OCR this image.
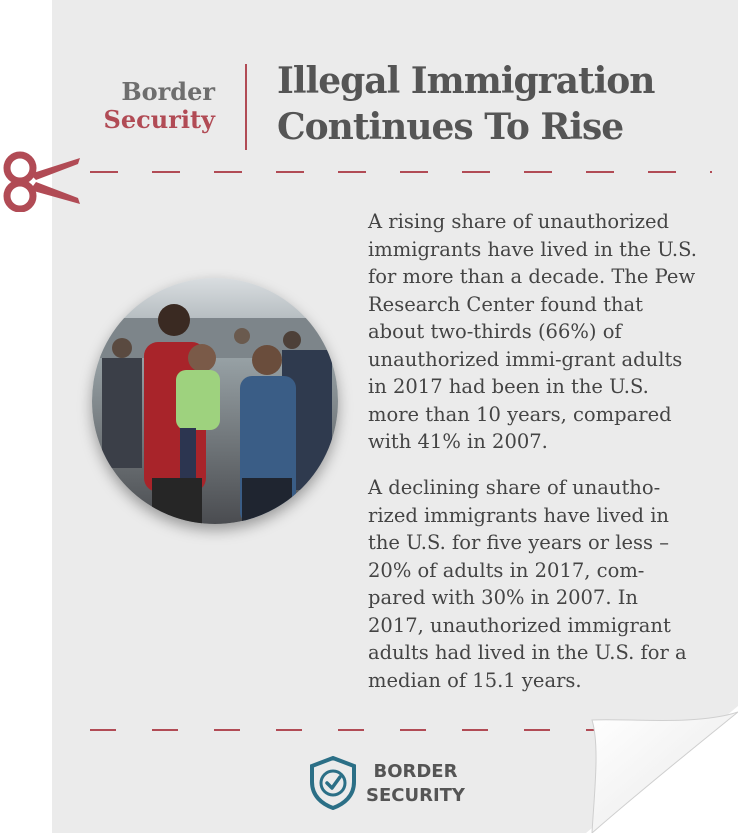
Border
Security
Illegal Immigration
Continues To Rise

A rising share of unauthorized immigrants have lived in the U.S. for more than a decade. The Pew Research Center found that about two-thirds (66%) of unauthorized immi-grant adults in 2017 had been in the U.S. more than 10 years, compared with 41% in 2007.

A declining share of unautho-rized immigrants have lived in the U.S. for five years or less – 20% of adults in 2017, com-pared with 30% in 2007. In 2017, unauthorized immigrant adults had lived in the U.S. for a median of 15.1 years.

BORDER
SECURITY
